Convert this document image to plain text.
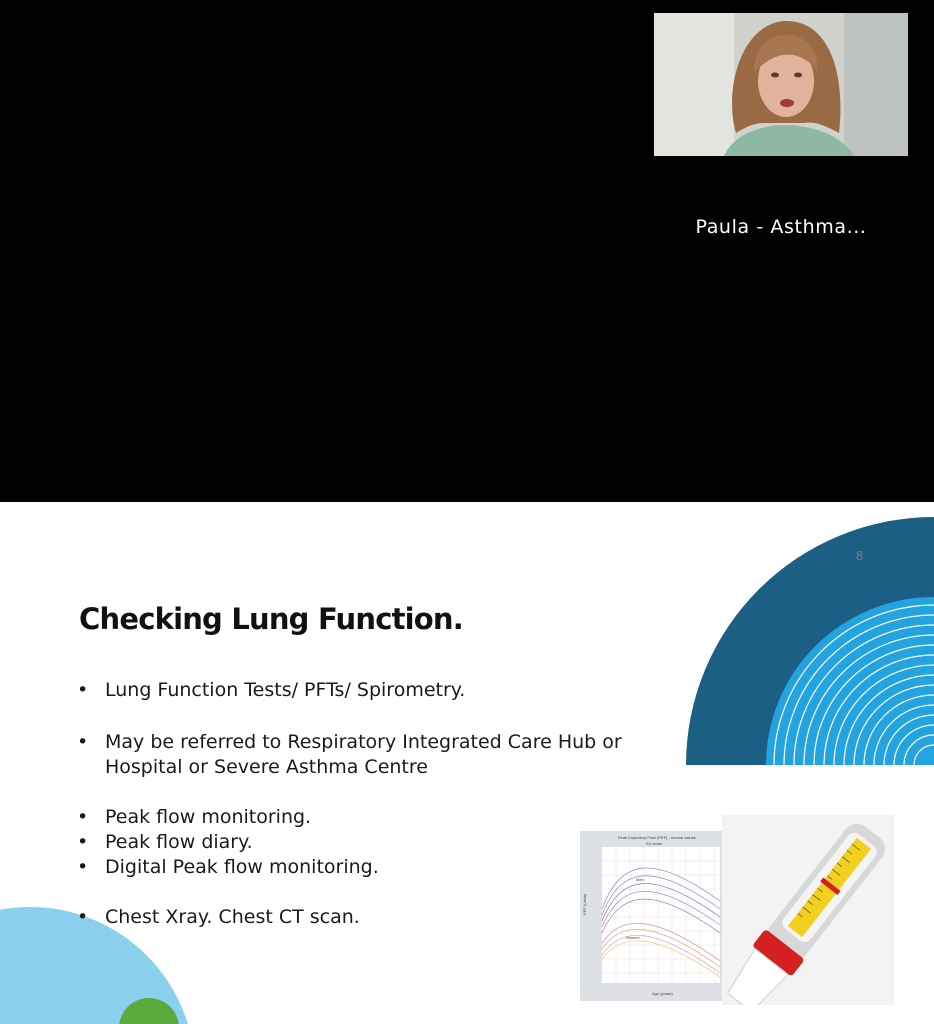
Paula - Asthma...
8
Checking Lung Function.
• Lung Function Tests/ PFTs/ Spirometry.
• May be referred to Respiratory Integrated Care Hub or
Hospital or Severe Asthma Centre
• Peak flow monitoring.
• Peak flow diary.
• Digital Peak flow monitoring.
• Chest Xray. Chest CT scan.
Peak Expiratory Flow (PEF) - normal values
EU scale
Men
Women
Age (years)
PEF (L/min)
